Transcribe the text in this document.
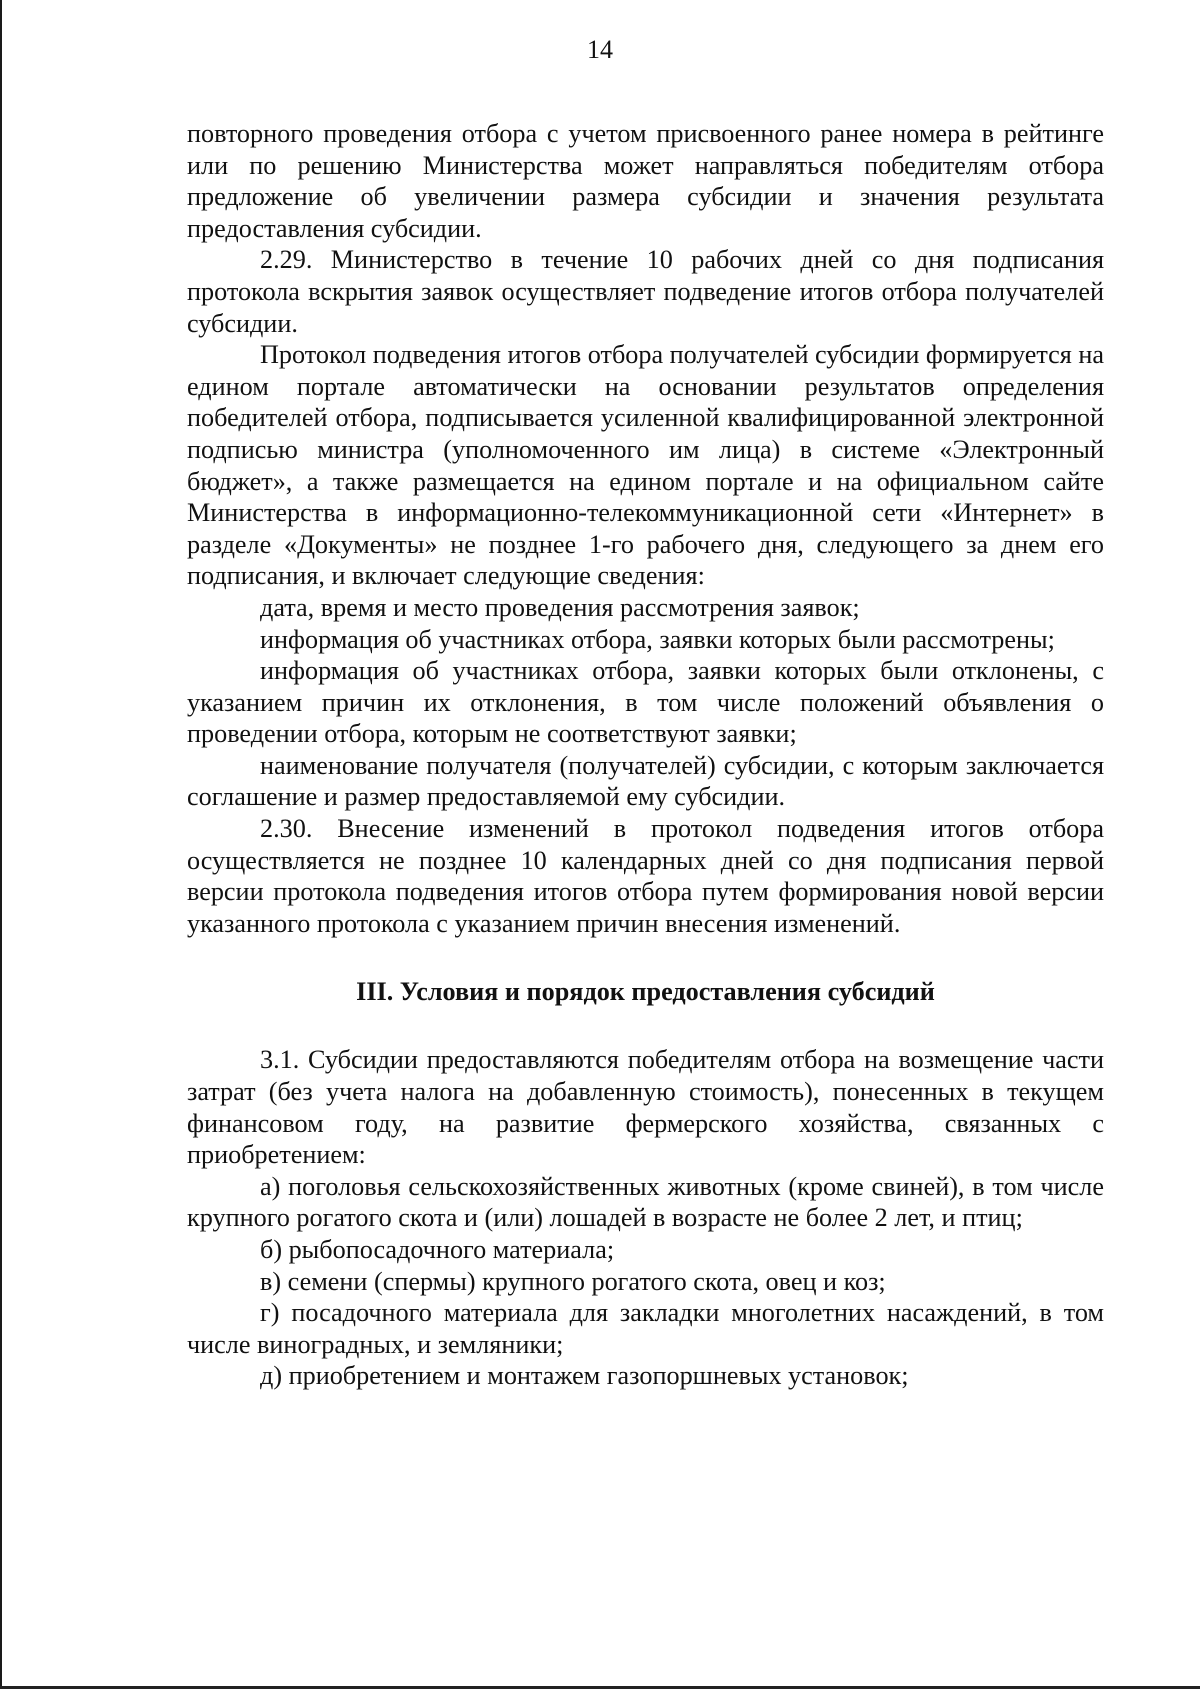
14

повторного проведения отбора с учетом присвоенного ранее номера в рейтинге или по решению Министерства может направляться победителям отбора предложение об увеличении размера субсидии и значения результата предоставления субсидии.

2.29. Министерство в течение 10 рабочих дней со дня подписания протокола вскрытия заявок осуществляет подведение итогов отбора получателей субсидии.

Протокол подведения итогов отбора получателей субсидии формируется на едином портале автоматически на основании результатов определения победителей отбора, подписывается усиленной квалифицированной электронной подписью министра (уполномоченного им лица) в системе «Электронный бюджет», а также размещается на едином портале и на официальном сайте Министерства в информационно-телекоммуникационной сети «Интернет» в разделе «Документы» не позднее 1-го рабочего дня, следующего за днем его подписания, и включает следующие сведения:

дата, время и место проведения рассмотрения заявок;

информация об участниках отбора, заявки которых были рассмотрены;

информация об участниках отбора, заявки которых были отклонены, с указанием причин их отклонения, в том числе положений объявления о проведении отбора, которым не соответствуют заявки;

наименование получателя (получателей) субсидии, с которым заключается соглашение и размер предоставляемой ему субсидии.

2.30. Внесение изменений в протокол подведения итогов отбора осуществляется не позднее 10 календарных дней со дня подписания первой версии протокола подведения итогов отбора путем формирования новой версии указанного протокола с указанием причин внесения изменений.

III. Условия и порядок предоставления субсидий

3.1. Субсидии предоставляются победителям отбора на возмещение части затрат (без учета налога на добавленную стоимость), понесенных в текущем финансовом году, на развитие фермерского хозяйства, связанных с приобретением:

а) поголовья сельскохозяйственных животных (кроме свиней), в том числе крупного рогатого скота и (или) лошадей в возрасте не более 2 лет, и птиц;

б) рыбопосадочного материала;

в) семени (спермы) крупного рогатого скота, овец и коз;

г) посадочного материала для закладки многолетних насаждений, в том числе виноградных, и земляники;

д) приобретением и монтажем газопоршневых установок;
